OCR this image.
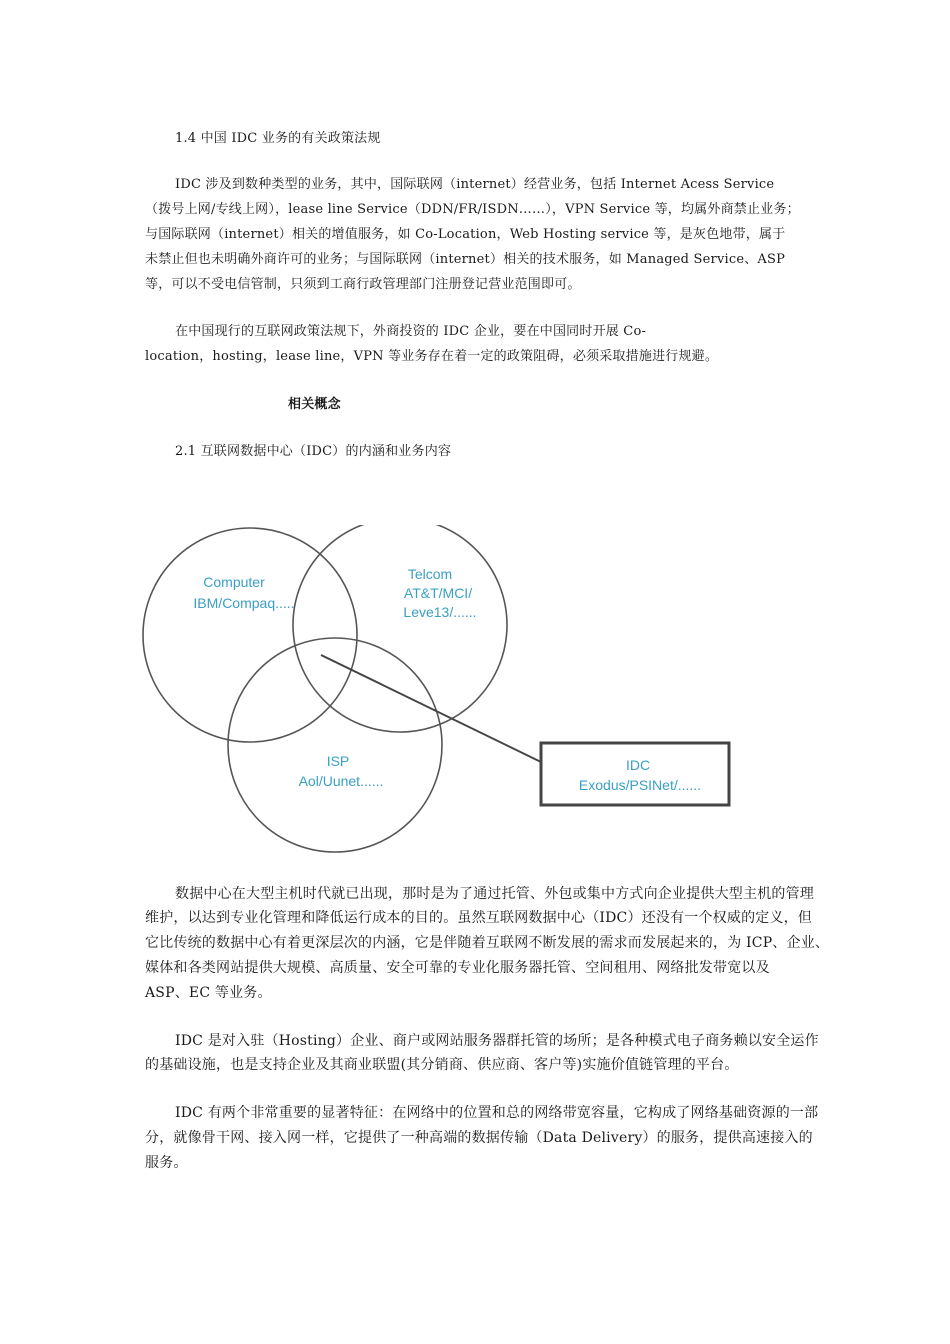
1.4 中国 IDC 业务的有关政策法规
IDC 涉及到数种类型的业务，其中，国际联网（internet）经营业务，包括 Internet Acess Service
（拨号上网/专线上网），lease line Service（DDN/FR/ISDN……），VPN Service 等，均属外商禁止业务；
与国际联网（internet）相关的增值服务，如 Co-Location，Web Hosting service 等，是灰色地带，属于
未禁止但也未明确外商许可的业务；与国际联网（internet）相关的技术服务，如 Managed Service、ASP
等，可以不受电信管制，只须到工商行政管理部门注册登记营业范围即可。
在中国现行的互联网政策法规下，外商投资的 IDC 企业，要在中国同时开展 Co-
location，hosting，lease line，VPN 等业务存在着一定的政策阻碍，必须采取措施进行规避。
相关概念
2.1 互联网数据中心（IDC）的内涵和业务内容
Computer
IBM/Compaq.....
Telcom
AT&T/MCI/
Leve13/......
ISP
Aol/Uunet......
IDC
Exodus/PSINet/......
数据中心在大型主机时代就已出现，那时是为了通过托管、外包或集中方式向企业提供大型主机的管理
维护，以达到专业化管理和降低运行成本的目的。虽然互联网数据中心（IDC）还没有一个权威的定义，但
它比传统的数据中心有着更深层次的内涵，它是伴随着互联网不断发展的需求而发展起来的，为 ICP、企业、
媒体和各类网站提供大规模、高质量、安全可靠的专业化服务器托管、空间租用、网络批发带宽以及
ASP、EC 等业务。
IDC 是对入驻（Hosting）企业、商户或网站服务器群托管的场所；是各种模式电子商务赖以安全运作
的基础设施，也是支持企业及其商业联盟(其分销商、供应商、客户等)实施价值链管理的平台。
IDC 有两个非常重要的显著特征：在网络中的位置和总的网络带宽容量，它构成了网络基础资源的一部
分，就像骨干网、接入网一样，它提供了一种高端的数据传输（Data Delivery）的服务，提供高速接入的
服务。
